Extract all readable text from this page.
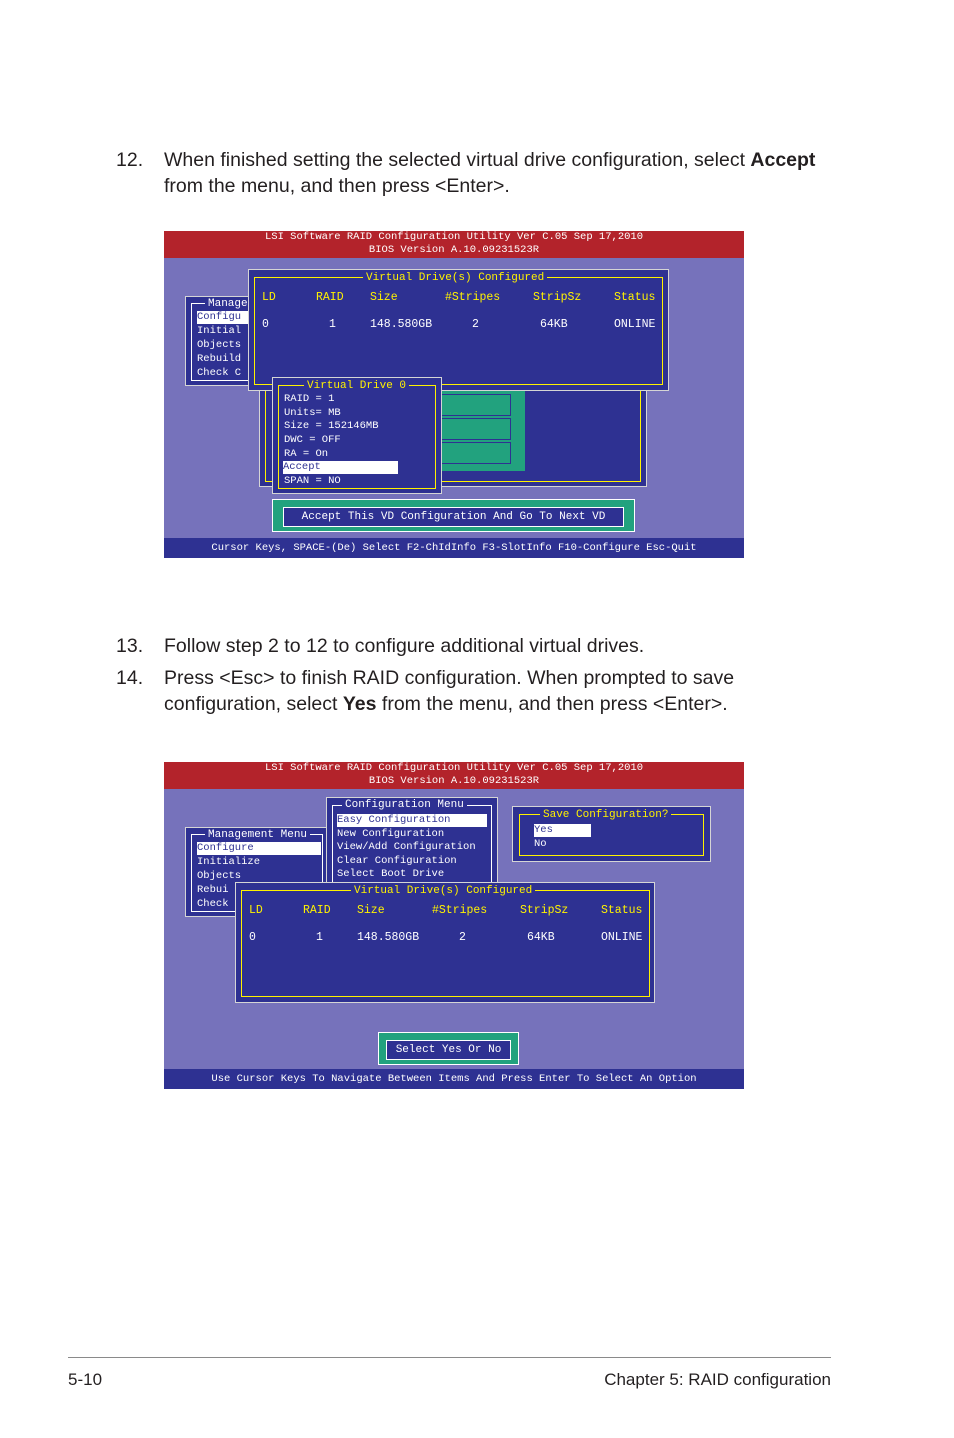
12. When finished setting the selected virtual drive configuration, select Accept from the menu, and then press <Enter>.
LSI Software RAID Configuration Utility Ver C.05 Sep 17,2010
BIOS Version A.10.09231523R
Manage
Configu
Initial
Objects
Rebuild
Check C
Virtual Drive(s) Configured
LD	RAID Size	#Stripes	StripSz	Status
0	1	148.580GB	2	64KB	ONLINE
Virtual Drive 0
RAID = 1
Units= MB
Size = 152146MB
DWC = OFF
RA = On
Accept
SPAN = NO
Accept This VD Configuration And Go To Next VD
Cursor Keys, SPACE-(De) Select F2-ChIdInfo F3-SlotInfo F10-Configure Esc-Quit
13. Follow step 2 to 12 to configure additional virtual drives.
14. Press <Esc> to finish RAID configuration. When prompted to save configuration, select Yes from the menu, and then press <Enter>.
LSI Software RAID Configuration Utility Ver C.05 Sep 17,2010
BIOS Version A.10.09231523R
Management Menu
Configure
Initialize
Objects
Rebui
Check
Configuration Menu
Easy Configuration
New Configuration
View/Add Configuration
Clear Configuration
Select Boot Drive
Save Configuration?
Yes
No
Virtual Drive(s) Configured
LD	RAID Size	#Stripes	StripSz	Status
0	1	148.580GB	2	64KB	ONLINE
Select Yes Or No
Use Cursor Keys To Navigate Between Items And Press Enter To Select An Option
5-10	Chapter 5: RAID configuration
